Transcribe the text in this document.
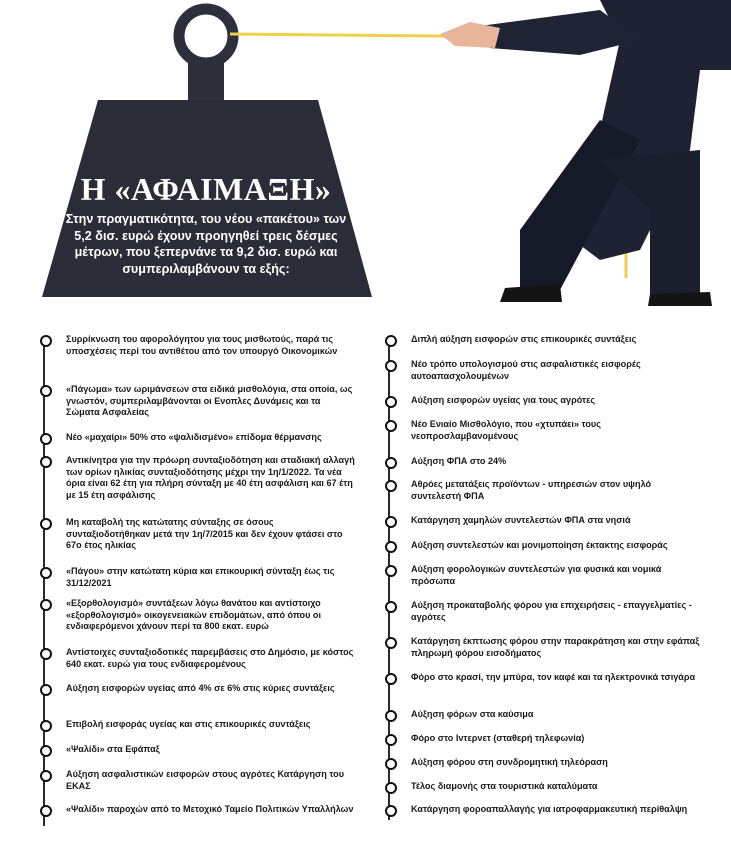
Η «ΑΦΑΙΜΑΞΗ»
Στην πραγματικότητα, του νέου «πακέτου» των 5,2 δισ. ευρώ έχουν προηγηθεί τρεις δέσμες μέτρων, που ξεπερνάνε τα 9,2 δισ. ευρώ και συμπεριλαμβάνουν τα εξής:
Συρρίκνωση του αφορολόγητου για τους μισθωτούς, παρά τις υποσχέσεις περί του αντιθέτου από τον υπουργό Οικονομικών
«Πάγωμα» των ωριμάνσεων στα ειδικά μισθολόγια, στα οποία, ως γνωστόν, συμπεριλαμβάνονται οι Ενοπλες Δυνάμεις και τα Σώματα Ασφαλείας
Νέο «μαχαίρι» 50% στο «ψαλιδισμένο» επίδομα θέρμανσης
Αντικίνητρα για την πρόωρη συνταξιοδότηση και σταδιακή αλλαγή των ορίων ηλικίας συνταξιοδότησης μέχρι την 1η/1/2022. Τα νέα όρια είναι 62 έτη για πλήρη σύνταξη με 40 έτη ασφάλιση και 67 έτη με 15 έτη ασφάλισης
Μη καταβολή της κατώτατης σύνταξης σε όσους συνταξιοδοτήθηκαν μετά την 1η/7/2015 και δεν έχουν φτάσει στο 67ο έτος ηλικίας
«Πάγου» στην κατώτατη κύρια και επικουρική σύνταξη έως τις 31/12/2021
«Εξορθολογισμό» συντάξεων λόγω θανάτου και αντίστοιχο «εξορθολογισμό» οικογενειακών επιδομάτων, από όπου οι ενδιαφερόμενοι χάνουν περί τα 800 εκατ. ευρώ
Αντίστοιχες συνταξιοδοτικές παρεμβάσεις στο Δημόσιο, με κόστος 640 εκατ. ευρώ για τους ενδιαφερομένους
Αύξηση εισφορών υγείας από 4% σε 6% στις κύριες συντάξεις
Επιβολή εισφοράς υγείας και στις επικουρικές συντάξεις
«Ψαλίδι» στα Εφάπαξ
Αύξηση ασφαλιστικών εισφορών στους αγρότες Κατάργηση του ΕΚΑΣ
«Ψαλίδι» παροχών από το Μετοχικό Ταμείο Πολιτικών Υπαλλήλων
Διπλή αύξηση εισφορών στις επικουρικές συντάξεις
Νέο τρόπο υπολογισμού στις ασφαλιστικές εισφορές αυτοαπασχολουμένων
Αύξηση εισφορών υγείας για τους αγρότες
Νέο Ενιαίο Μισθολόγιο, που «χτυπάει» τους νεοπροσλαμβανομένους
Αύξηση ΦΠΑ στο 24%
Αθρόες μετατάξεις προϊόντων - υπηρεσιών στον υψηλό συντελεστή ΦΠΑ
Κατάργηση χαμηλών συντελεστών ΦΠΑ στα νησιά
Αύξηση συντελεστών και μονιμοποίηση έκτακτης εισφοράς
Αύξηση φορολογικών συντελεστών για φυσικά και νομικά πρόσωπα
Αύξηση προκαταβολής φόρου για επιχειρήσεις - επαγγελματίες - αγρότες
Κατάργηση έκπτωσης φόρου στην παρακράτηση και στην εφάπαξ πληρωμή φόρου εισοδήματος
Φόρο στο κρασί, την μπύρα, τον καφέ και τα ηλεκτρονικά τσιγάρα
Αύξηση φόρων στα καύσιμα
Φόρο στο Ιντερνετ (σταθερή τηλεφωνία)
Αύξηση φόρου στη συνδρομητική τηλεόραση
Τέλος διαμονής στα τουριστικά καταλύματα
Κατάργηση φοροαπαλλαγής για ιατροφαρμακευτική περίθαλψη
